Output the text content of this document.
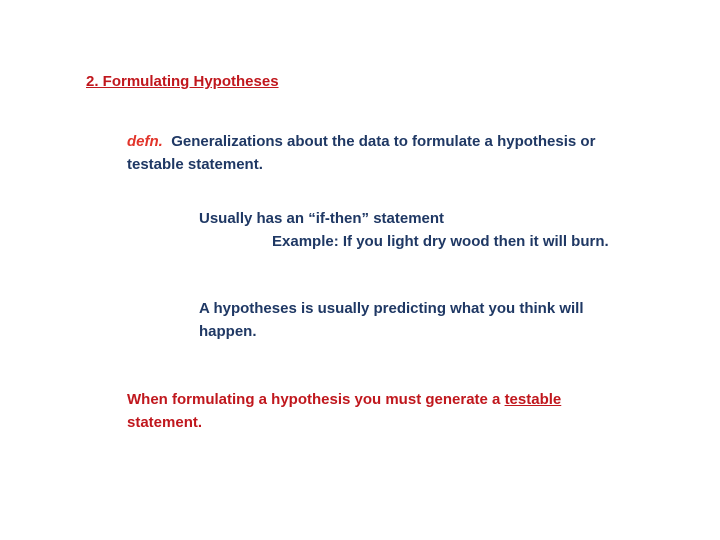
2. Formulating Hypotheses

defn. Generalizations about the data to formulate a hypothesis or testable statement.

Usually has an “if-then” statement
Example: If you light dry wood then it will burn.

A hypotheses is usually predicting what you think will happen.

When formulating a hypothesis you must generate a testable statement.
